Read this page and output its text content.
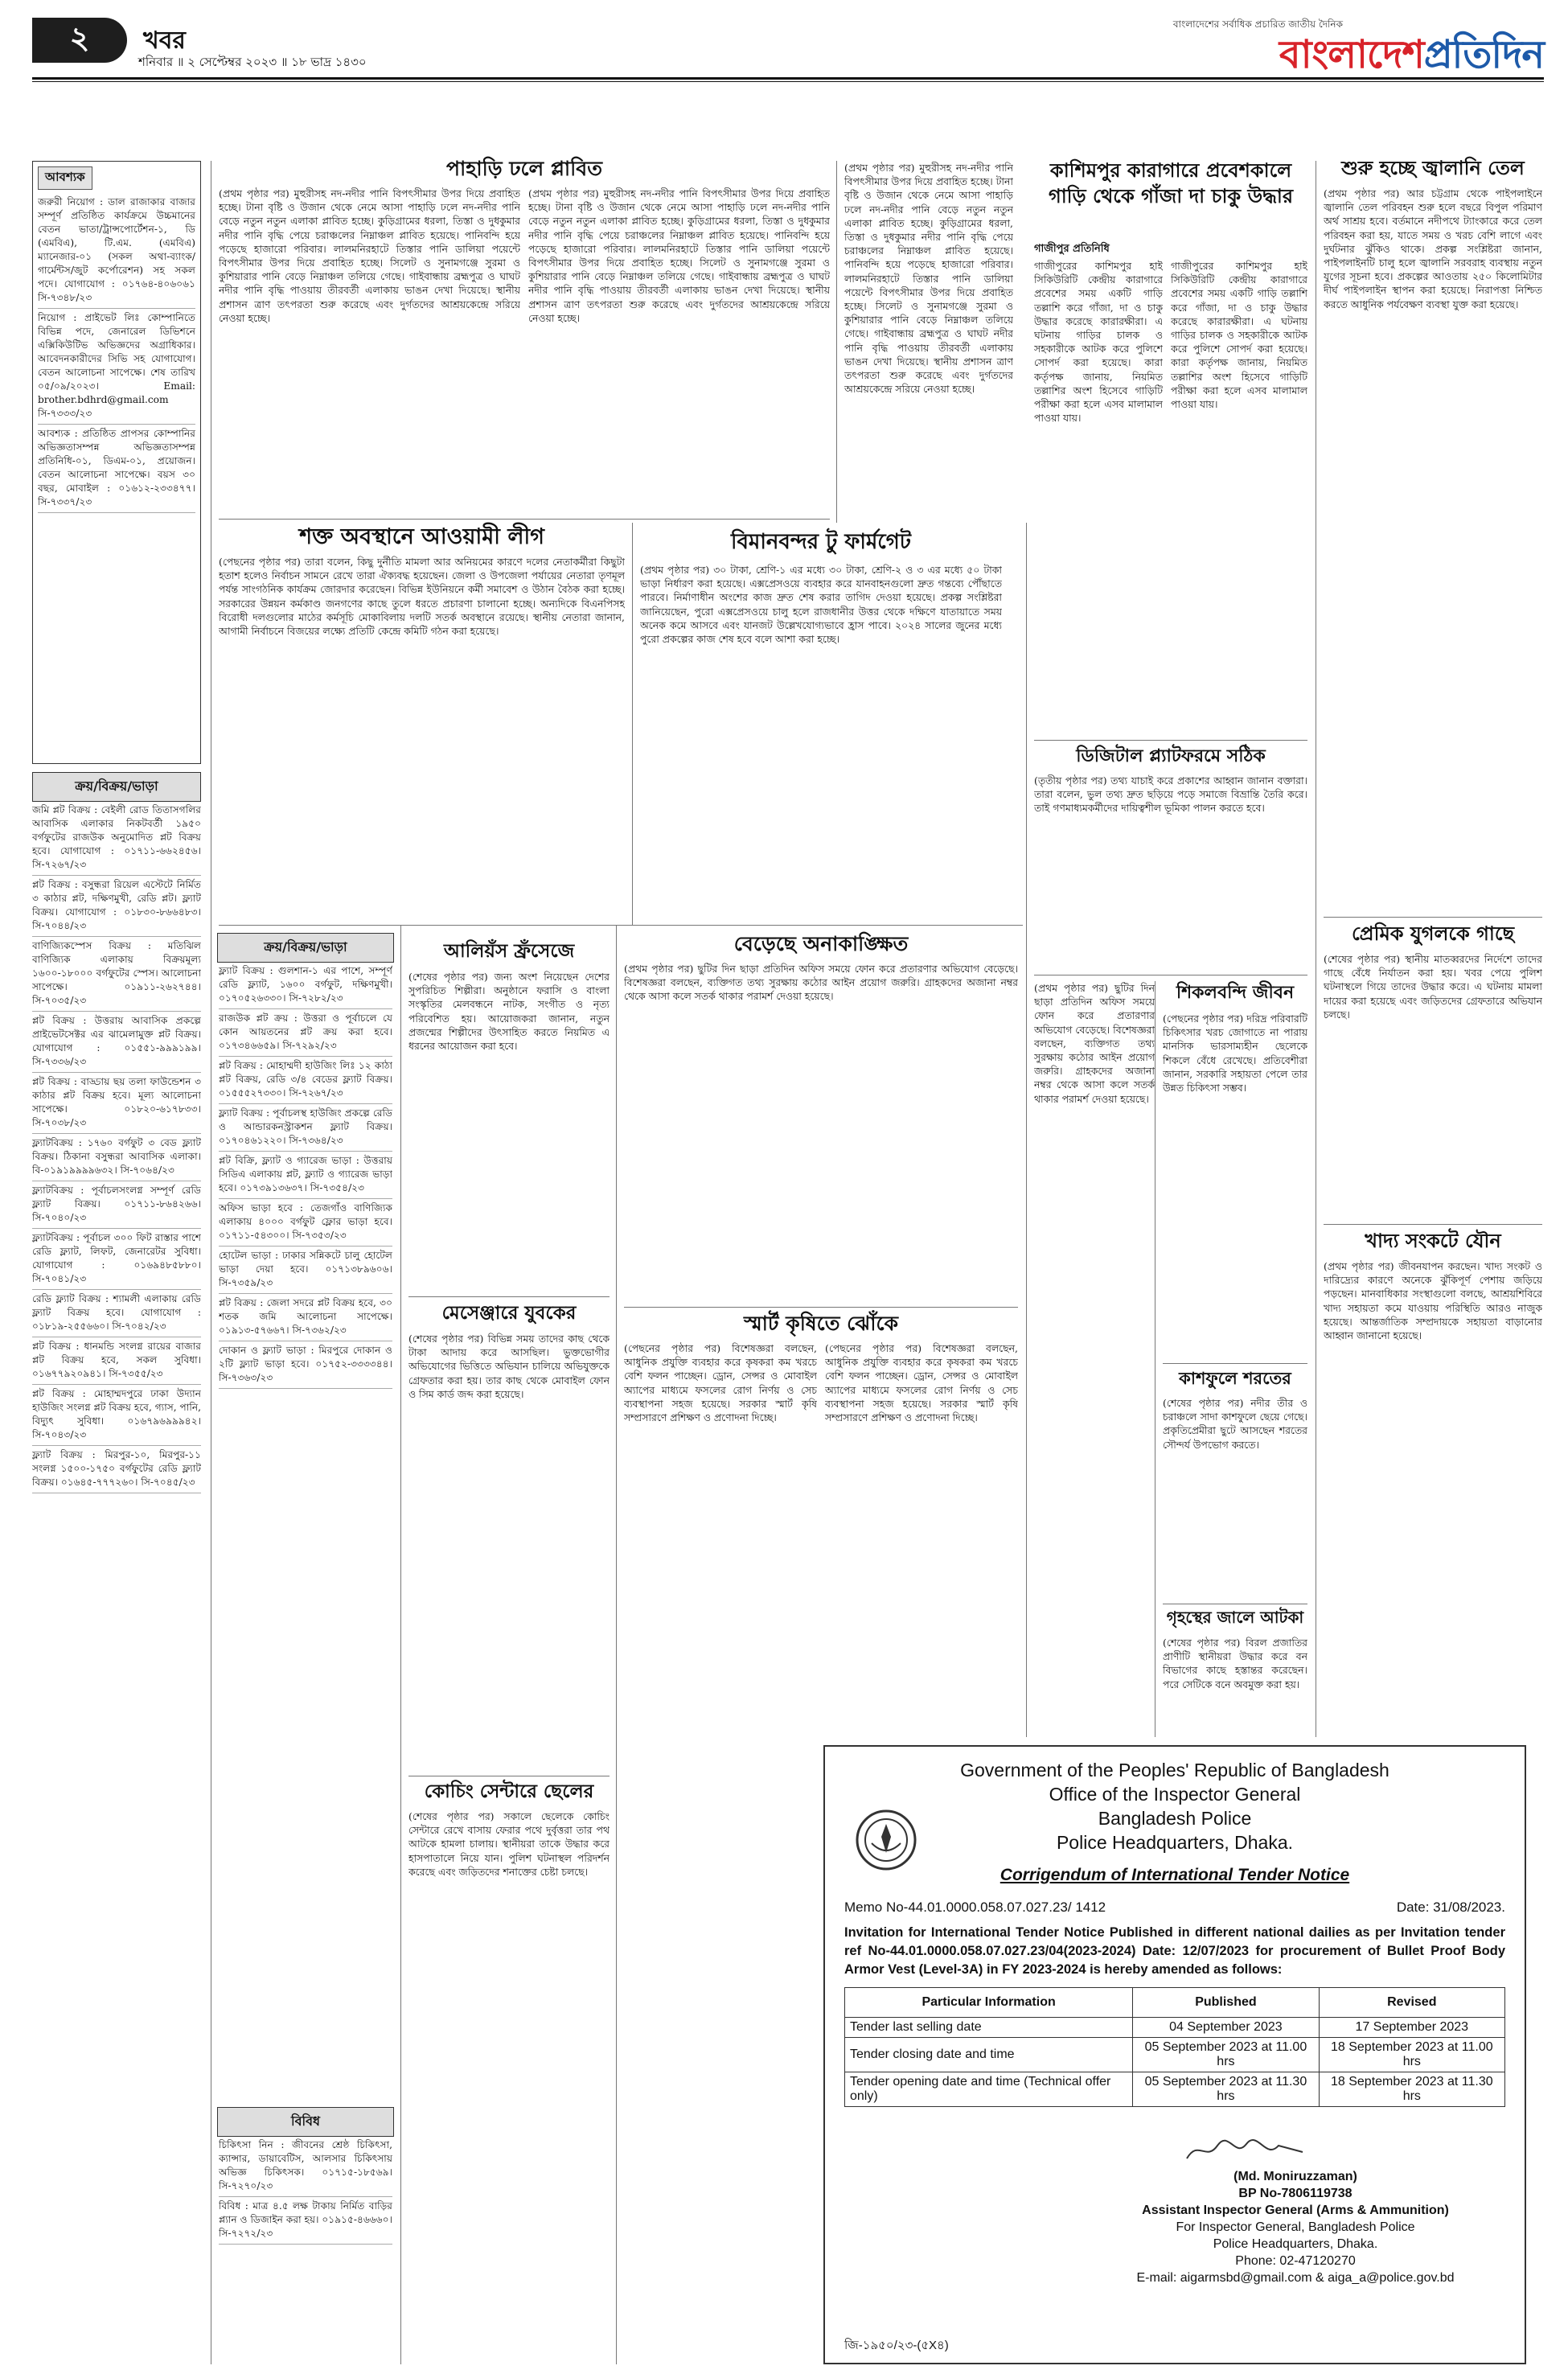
২	খবর
শনিবার ॥ ২ সেপ্টেম্বর ২০২৩ ॥ ১৮ ভাদ্র ১৪৩০
বাংলাদেশের সর্বাধিক প্রচারিত জাতীয় দৈনিক
বাংলাদেশপ্রতিদিন
আবশ্যক
জরুরী নিয়োগ : ডাল রাজাকার বাজার সম্পূর্ণ প্রতিষ্ঠিত কার্যক্রমে উচ্চমানের বেতন ভাতা/ট্রান্সপোর্টেশন-১, ডি (এমবিএ), টি.এম. (এমবিএ) ম্যানেজার-০১ (সকল অথা-ব্যাংক/গার্মেন্টস/জুট কর্পোরেশন) সহ সকল পদে। যোগাযোগ : ০১৭৬৪-৪০৬০৬১ সি-৭৩৪৮/২৩
নিয়োগ : প্রাইভেট লিঃ কোম্পানিতে বিভিন্ন পদে, জেনারেল ডিভিশনে এক্সিকিউটিভ অভিজ্ঞদের অগ্রাধিকার। আবেদনকারীদের সিভি সহ যোগাযোগ। বেতন আলোচনা সাপেক্ষে। শেষ তারিখ ০৫/০৯/২০২৩। Email: brother.bdhrd@gmail.com সি-৭৩৩৩/২৩
আবশ্যক : প্রতিষ্ঠিত প্রাপসর কোম্পানির অভিজ্ঞতাসম্পন্ন অভিজ্ঞতাসম্পন্ন প্রতিনিধি-০১, ডিএম-০১, প্রয়োজন। বেতন আলোচনা সাপেক্ষে। বয়স ৩০ বছর, মোবাইল : ০১৬১২-২৩৩৪৭৭। সি-৭৩৩৭/২৩
ক্রয়/বিক্রয়/ভাড়া
জমি প্লট বিক্রয় : বেইলী রোড তিতাসগলির আবাসিক এলাকার নিকটবর্তী ১৯৫০ বর্গফুটের রাজউক অনুমোদিত প্লট বিক্রয় হবে। যোগাযোগ : ০১৭১১-৬৬২৪৫৬। সি-৭২৬৭/২৩
প্লট বিক্রয় : বসুন্ধরা রিয়েল এস্টেটে নির্মিত ৩ কাঠার প্লট, দক্ষিণমুখী, রেডি প্লট। ফ্ল্যাট বিক্রয়। যোগাযোগ : ০১৮৩০-৮৬৬৪৮৩। সি-৭০৪৪/২৩
বাণিজ্যিকস্পেস বিক্রয় : মতিঝিল বাণিজ্যিক এলাকায় বিক্রয়মূল্য ১৬০০-১৮০০০ বর্গফুটের স্পেস। আলোচনা সাপেক্ষে। ০১৯১১-২৬২৭৪৪। সি-৭০৩৫/২৩
প্লট বিক্রয় : উত্তরায় আবাসিক প্রকল্পে প্রাইভেটসেক্টর এর ঝামেলামুক্ত প্লট বিক্রয়। যোগাযোগ : ০১৫৫১-৯৯৯১৯৯। সি-৭৩৩৬/২৩
প্লট বিক্রয় : বাড্ডায় ছয় তলা ফাউন্ডেশন ৩ কাঠার প্লট বিক্রয় হবে। মূল্য আলোচনা সাপেক্ষে। ০১৮২০-৬১৭৮৩৩। সি-৭০৩৮/২৩
ফ্ল্যাটবিক্রয় : ১৭৬০ বর্গফুট ৩ বেড ফ্ল্যাট বিক্রয়। ঠিকানা বসুন্ধরা আবাসিক এলাকা। বি-০১৯১৯৯৯৯৬৩২। সি-৭০৬৪/২৩
ফ্ল্যাটবিক্রয় : পূর্বাচলসংলগ্ন সম্পূর্ণ রেডি ফ্ল্যাট বিক্রয়। ০১৭১১-৮৬৪২৬৬। সি-৭০৪০/২৩
ফ্ল্যাটবিক্রয় : পূর্বাচল ৩০০ ফিট রাস্তার পাশে রেডি ফ্ল্যাট, লিফট, জেনারেটর সুবিধা। যোগাযোগ : ০১৬৯৪৮৫৮৮০। সি-৭০৪১/২৩
রেডি ফ্ল্যাট বিক্রয় : শ্যামলী এলাকায় রেডি ফ্ল্যাট বিক্রয় হবে। যোগাযোগ : ০১৮১৯-২৫৫৬৬০। সি-৭০৪২/২৩
প্লট বিক্রয় : ধানমন্ডি সংলগ্ন রায়ের বাজার প্লট বিক্রয় হবে, সকল সুবিধা। ০১৬৭৭৯২০৯৪১। সি-৭৩৫৫/২৩
প্লট বিক্রয় : মোহাম্মদপুরে ঢাকা উদ্যান হাউজিং সংলগ্ন প্লট বিক্রয় হবে, গ্যাস, পানি, বিদ্যুৎ সুবিধা। ০১৬৭৯৬৯৯৯৪২। সি-৭০৪৩/২৩
ফ্ল্যাট বিক্রয় : মিরপুর-১০, মিরপুর-১১ সংলগ্ন ১৫০০-১৭৫০ বর্গফুটের রেডি ফ্ল্যাট বিক্রয়। ০১৬৪৫-৭৭৭২৬০। সি-৭০৪৫/২৩
পাহাড়ি ঢলে প্লাবিত
(প্রথম পৃষ্ঠার পর) মুহুরীসহ নদ-নদীর পানি বিপৎসীমার উপর দিয়ে প্রবাহিত হচ্ছে। টানা বৃষ্টি ও উজান থেকে নেমে আসা পাহাড়ি ঢলে নদ-নদীর পানি বেড়ে নতুন নতুন এলাকা প্লাবিত হচ্ছে। কুড়িগ্রামের ধরলা, তিস্তা ও দুধকুমার নদীর পানি বৃদ্ধি পেয়ে চরাঞ্চলের নিম্নাঞ্চল প্লাবিত হয়েছে। পানিবন্দি হয়ে পড়েছে হাজারো পরিবার। লালমনিরহাটে তিস্তার পানি ডালিয়া পয়েন্টে বিপৎসীমার উপর দিয়ে প্রবাহিত হচ্ছে। সিলেট ও সুনামগঞ্জে সুরমা ও কুশিয়ারার পানি বেড়ে নিম্নাঞ্চল তলিয়ে গেছে। গাইবান্ধায় ব্রহ্মপুত্র ও ঘাঘট নদীর পানি বৃদ্ধি পাওয়ায় তীরবর্তী এলাকায় ভাঙন দেখা দিয়েছে। স্থানীয় প্রশাসন ত্রাণ তৎপরতা শুরু করেছে এবং দুর্গতদের আশ্রয়কেন্দ্রে সরিয়ে নেওয়া হচ্ছে।
(প্রথম পৃষ্ঠার পর) মুহুরীসহ নদ-নদীর পানি বিপৎসীমার উপর দিয়ে প্রবাহিত হচ্ছে। টানা বৃষ্টি ও উজান থেকে নেমে আসা পাহাড়ি ঢলে নদ-নদীর পানি বেড়ে নতুন নতুন এলাকা প্লাবিত হচ্ছে। কুড়িগ্রামের ধরলা, তিস্তা ও দুধকুমার নদীর পানি বৃদ্ধি পেয়ে চরাঞ্চলের নিম্নাঞ্চল প্লাবিত হয়েছে। পানিবন্দি হয়ে পড়েছে হাজারো পরিবার। লালমনিরহাটে তিস্তার পানি ডালিয়া পয়েন্টে বিপৎসীমার উপর দিয়ে প্রবাহিত হচ্ছে। সিলেট ও সুনামগঞ্জে সুরমা ও কুশিয়ারার পানি বেড়ে নিম্নাঞ্চল তলিয়ে গেছে। গাইবান্ধায় ব্রহ্মপুত্র ও ঘাঘট নদীর পানি বৃদ্ধি পাওয়ায় তীরবর্তী এলাকায় ভাঙন দেখা দিয়েছে। স্থানীয় প্রশাসন ত্রাণ তৎপরতা শুরু করেছে এবং দুর্গতদের আশ্রয়কেন্দ্রে সরিয়ে নেওয়া হচ্ছে।
শক্ত অবস্থানে আওয়ামী লীগ
(পেছনের পৃষ্ঠার পর) তারা বলেন, কিছু দুর্নীতি মামলা আর অনিয়মের কারণে দলের নেতাকর্মীরা কিছুটা হতাশ হলেও নির্বাচন সামনে রেখে তারা ঐক্যবদ্ধ হয়েছেন। জেলা ও উপজেলা পর্যায়ের নেতারা তৃণমূল পর্যন্ত সাংগঠনিক কার্যক্রম জোরদার করেছেন। বিভিন্ন ইউনিয়নে কর্মী সমাবেশ ও উঠান বৈঠক করা হচ্ছে। সরকারের উন্নয়ন কর্মকাণ্ড জনগণের কাছে তুলে ধরতে প্রচারণা চালানো হচ্ছে। অন্যদিকে বিএনপিসহ বিরোধী দলগুলোর মাঠের কর্মসূচি মোকাবিলায় দলটি সতর্ক অবস্থানে রয়েছে। স্থানীয় নেতারা জানান, আগামী নির্বাচনে বিজয়ের লক্ষ্যে প্রতিটি কেন্দ্রে কমিটি গঠন করা হয়েছে।
বিমানবন্দর টু ফার্মগেট
(প্রথম পৃষ্ঠার পর) ৩০ টাকা, শ্রেণি-১ এর মধ্যে ৩০ টাকা, শ্রেণি-২ ও ৩ এর মধ্যে ৫০ টাকা ভাড়া নির্ধারণ করা হয়েছে। এক্সপ্রেসওয়ে ব্যবহার করে যানবাহনগুলো দ্রুত গন্তব্যে পৌঁছাতে পারবে। নির্মাণাধীন অংশের কাজ দ্রুত শেষ করার তাগিদ দেওয়া হয়েছে। প্রকল্প সংশ্লিষ্টরা জানিয়েছেন, পুরো এক্সপ্রেসওয়ে চালু হলে রাজধানীর উত্তর থেকে দক্ষিণে যাতায়াতে সময় অনেক কমে আসবে এবং যানজট উল্লেখযোগ্যভাবে হ্রাস পাবে। ২০২৪ সালের জুনের মধ্যে পুরো প্রকল্পের কাজ শেষ হবে বলে আশা করা হচ্ছে।
ক্রয়/বিক্রয়/ভাড়া
ফ্ল্যাট বিক্রয় : গুলশান-১ এর পাশে, সম্পূর্ণ রেডি ফ্ল্যাট, ১৬০০ বর্গফুট, দক্ষিণমুখী। ০১৭০৫২৬৩৩০। সি-৭২৮২/২৩
রাজউক প্লট ক্রয় : উত্তরা ও পূর্বাচলে যে কোন আয়তনের প্লট ক্রয় করা হবে। ০১৭৩৪৬৬৫৯। সি-৭২৯২/২৩
প্লট বিক্রয় : মোহাম্মদী হাউজিং লিঃ ১২ কাঠা প্লট বিক্রয়, রেডি ৩/৪ বেডের ফ্ল্যাট বিক্রয়। ০১৫৫৫২৭৩৩০। সি-৭২৬৭/২৩
ফ্ল্যাট বিক্রয় : পূর্বাচলস্থ হাউজিং প্রকল্পে রেডি ও আন্ডারকনস্ট্রাকশন ফ্ল্যাট বিক্রয়। ০১৭০৪৬১২২০। সি-৭৩৬৪/২৩
প্লট বিক্রি, ফ্ল্যাট ও গ্যারেজ ভাড়া : উত্তরায় সিডিএ এলাকায় প্লট, ফ্ল্যাট ও গ্যারেজ ভাড়া হবে। ০১৭৩৯১৩৬৩৭। সি-৭৩৫৪/২৩
অফিস ভাড়া হবে : তেজগাঁও বাণিজ্যিক এলাকায় ৪০০০ বর্গফুট ফ্লোর ভাড়া হবে। ০১৭১১-৫৪৩০০। সি-৭৩৫৩/২৩
হোটেল ভাড়া : ঢাকার সন্নিকটে চালু হোটেল ভাড়া দেয়া হবে। ০১৭১৩৮৯৬০৬। সি-৭৩৫৯/২৩
প্লট বিক্রয় : জেলা সদরে প্লট বিক্রয় হবে, ৩০ শতক জমি আলোচনা সাপেক্ষে। ০১৯১৩-৫৭৬৬৭। সি-৭৩৬২/২৩
দোকান ও ফ্ল্যাট ভাড়া : মিরপুরে দোকান ও ২টি ফ্ল্যাট ভাড়া হবে। ০১৭৫২-৩৩৩৩৪৪। সি-৭৩৬৩/২৩
বিবিধ
চিকিৎসা নিন : জীবনের শ্রেষ্ঠ চিকিৎসা, ক্যান্সার, ডায়াবেটিস, আলসার চিকিৎসায় অভিজ্ঞ চিকিৎসক। ০১৭১৫-১৮৫৬৯। সি-৭২৭০/২৩
বিবিধ : মাত্র ৪.৫ লক্ষ টাকায় নির্মিত বাড়ির প্ল্যান ও ডিজাইন করা হয়। ০১৯১৫-৪৬৬৬০। সি-৭২৭২/২৩
আলিয়ঁস ফ্রঁসেজে
(শেষের পৃষ্ঠার পর) জন্য অংশ নিয়েছেন দেশের সুপরিচিত শিল্পীরা। অনুষ্ঠানে ফরাসি ও বাংলা সংস্কৃতির মেলবন্ধনে নাটক, সংগীত ও নৃত্য পরিবেশিত হয়। আয়োজকরা জানান, নতুন প্রজন্মের শিল্পীদের উৎসাহিত করতে নিয়মিত এ ধরনের আয়োজন করা হবে।
মেসেঞ্জারে যুবকের
(শেষের পৃষ্ঠার পর) বিভিন্ন সময় তাদের কাছ থেকে টাকা আদায় করে আসছিল। ভুক্তভোগীর অভিযোগের ভিত্তিতে অভিযান চালিয়ে অভিযুক্তকে গ্রেফতার করা হয়। তার কাছ থেকে মোবাইল ফোন ও সিম কার্ড জব্দ করা হয়েছে।
কোচিং সেন্টারে ছেলের
(শেষের পৃষ্ঠার পর) সকালে ছেলেকে কোচিং সেন্টারে রেখে বাসায় ফেরার পথে দুর্বৃত্তরা তার পথ আটকে হামলা চালায়। স্থানীয়রা তাকে উদ্ধার করে হাসপাতালে নিয়ে যান। পুলিশ ঘটনাস্থল পরিদর্শন করেছে এবং জড়িতদের শনাক্তের চেষ্টা চলছে।
বেড়েছে অনাকাঙ্ক্ষিত
(প্রথম পৃষ্ঠার পর) ছুটির দিন ছাড়া প্রতিদিন অফিস সময়ে ফোন করে প্রতারণার অভিযোগ বেড়েছে। বিশেষজ্ঞরা বলছেন, ব্যক্তিগত তথ্য সুরক্ষায় কঠোর আইন প্রয়োগ জরুরি। গ্রাহকদের অজানা নম্বর থেকে আসা কলে সতর্ক থাকার পরামর্শ দেওয়া হয়েছে।
স্মার্ট কৃষিতে ঝোঁকে
(পেছনের পৃষ্ঠার পর) বিশেষজ্ঞরা বলছেন, আধুনিক প্রযুক্তি ব্যবহার করে কৃষকরা কম খরচে বেশি ফলন পাচ্ছেন। ড্রোন, সেন্সর ও মোবাইল অ্যাপের মাধ্যমে ফসলের রোগ নির্ণয় ও সেচ ব্যবস্থাপনা সহজ হয়েছে। সরকার স্মার্ট কৃষি সম্প্রসারণে প্রশিক্ষণ ও প্রণোদনা দিচ্ছে।
(পেছনের পৃষ্ঠার পর) বিশেষজ্ঞরা বলছেন, আধুনিক প্রযুক্তি ব্যবহার করে কৃষকরা কম খরচে বেশি ফলন পাচ্ছেন। ড্রোন, সেন্সর ও মোবাইল অ্যাপের মাধ্যমে ফসলের রোগ নির্ণয় ও সেচ ব্যবস্থাপনা সহজ হয়েছে। সরকার স্মার্ট কৃষি সম্প্রসারণে প্রশিক্ষণ ও প্রণোদনা দিচ্ছে।
(প্রথম পৃষ্ঠার পর) মুহুরীসহ নদ-নদীর পানি বিপৎসীমার উপর দিয়ে প্রবাহিত হচ্ছে। টানা বৃষ্টি ও উজান থেকে নেমে আসা পাহাড়ি ঢলে নদ-নদীর পানি বেড়ে নতুন নতুন এলাকা প্লাবিত হচ্ছে। কুড়িগ্রামের ধরলা, তিস্তা ও দুধকুমার নদীর পানি বৃদ্ধি পেয়ে চরাঞ্চলের নিম্নাঞ্চল প্লাবিত হয়েছে। পানিবন্দি হয়ে পড়েছে হাজারো পরিবার। লালমনিরহাটে তিস্তার পানি ডালিয়া পয়েন্টে বিপৎসীমার উপর দিয়ে প্রবাহিত হচ্ছে। সিলেট ও সুনামগঞ্জে সুরমা ও কুশিয়ারার পানি বেড়ে নিম্নাঞ্চল তলিয়ে গেছে। গাইবান্ধায় ব্রহ্মপুত্র ও ঘাঘট নদীর পানি বৃদ্ধি পাওয়ায় তীরবর্তী এলাকায় ভাঙন দেখা দিয়েছে। স্থানীয় প্রশাসন ত্রাণ তৎপরতা শুরু করেছে এবং দুর্গতদের আশ্রয়কেন্দ্রে সরিয়ে নেওয়া হচ্ছে।
কাশিমপুর কারাগারে প্রবেশকালে গাড়ি থেকে গাঁজা দা চাকু উদ্ধার
গাজীপুর প্রতিনিধি
গাজীপুরের কাশিমপুর হাই সিকিউরিটি কেন্দ্রীয় কারাগারে প্রবেশের সময় একটি গাড়ি তল্লাশি করে গাঁজা, দা ও চাকু উদ্ধার করেছে কারারক্ষীরা। এ ঘটনায় গাড়ির চালক ও সহকারীকে আটক করে পুলিশে সোপর্দ করা হয়েছে। কারা কর্তৃপক্ষ জানায়, নিয়মিত তল্লাশির অংশ হিসেবে গাড়িটি পরীক্ষা করা হলে এসব মালামাল পাওয়া যায়।
গাজীপুরের কাশিমপুর হাই সিকিউরিটি কেন্দ্রীয় কারাগারে প্রবেশের সময় একটি গাড়ি তল্লাশি করে গাঁজা, দা ও চাকু উদ্ধার করেছে কারারক্ষীরা। এ ঘটনায় গাড়ির চালক ও সহকারীকে আটক করে পুলিশে সোপর্দ করা হয়েছে। কারা কর্তৃপক্ষ জানায়, নিয়মিত তল্লাশির অংশ হিসেবে গাড়িটি পরীক্ষা করা হলে এসব মালামাল পাওয়া যায়।
ডিজিটাল প্ল্যাটফরমে সঠিক
(তৃতীয় পৃষ্ঠার পর) তথ্য যাচাই করে প্রকাশের আহ্বান জানান বক্তারা। তারা বলেন, ভুল তথ্য দ্রুত ছড়িয়ে পড়ে সমাজে বিভ্রান্তি তৈরি করে। তাই গণমাধ্যমকর্মীদের দায়িত্বশীল ভূমিকা পালন করতে হবে।
(প্রথম পৃষ্ঠার পর) ছুটির দিন ছাড়া প্রতিদিন অফিস সময়ে ফোন করে প্রতারণার অভিযোগ বেড়েছে। বিশেষজ্ঞরা বলছেন, ব্যক্তিগত তথ্য সুরক্ষায় কঠোর আইন প্রয়োগ জরুরি। গ্রাহকদের অজানা নম্বর থেকে আসা কলে সতর্ক থাকার পরামর্শ দেওয়া হয়েছে।
শিকলবন্দি জীবন
(পেছনের পৃষ্ঠার পর) দরিদ্র পরিবারটি চিকিৎসার খরচ জোগাতে না পারায় মানসিক ভারসাম্যহীন ছেলেকে শিকলে বেঁধে রেখেছে। প্রতিবেশীরা জানান, সরকারি সহায়তা পেলে তার উন্নত চিকিৎসা সম্ভব।
কাশফুলে শরতের
(শেষের পৃষ্ঠার পর) নদীর তীর ও চরাঞ্চলে সাদা কাশফুলে ছেয়ে গেছে। প্রকৃতিপ্রেমীরা ছুটে আসছেন শরতের সৌন্দর্য উপভোগ করতে।
গৃহস্থের জালে আটকা
(শেষের পৃষ্ঠার পর) বিরল প্রজাতির প্রাণীটি স্থানীয়রা উদ্ধার করে বন বিভাগের কাছে হস্তান্তর করেছেন। পরে সেটিকে বনে অবমুক্ত করা হয়।
শুরু হচ্ছে জ্বালানি তেল
(প্রথম পৃষ্ঠার পর) আর চট্টগ্রাম থেকে পাইপলাইনে জ্বালানি তেল পরিবহন শুরু হলে বছরে বিপুল পরিমাণ অর্থ সাশ্রয় হবে। বর্তমানে নদীপথে ট্যাংকারে করে তেল পরিবহন করা হয়, যাতে সময় ও খরচ বেশি লাগে এবং দুর্ঘটনার ঝুঁকিও থাকে। প্রকল্প সংশ্লিষ্টরা জানান, পাইপলাইনটি চালু হলে জ্বালানি সরবরাহ ব্যবস্থায় নতুন যুগের সূচনা হবে। প্রকল্পের আওতায় ২৫০ কিলোমিটার দীর্ঘ পাইপলাইন স্থাপন করা হয়েছে। নিরাপত্তা নিশ্চিত করতে আধুনিক পর্যবেক্ষণ ব্যবস্থা যুক্ত করা হয়েছে।
প্রেমিক যুগলকে গাছে
(শেষের পৃষ্ঠার পর) স্থানীয় মাতব্বরদের নির্দেশে তাদের গাছে বেঁধে নির্যাতন করা হয়। খবর পেয়ে পুলিশ ঘটনাস্থলে গিয়ে তাদের উদ্ধার করে। এ ঘটনায় মামলা দায়ের করা হয়েছে এবং জড়িতদের গ্রেফতারে অভিযান চলছে।
খাদ্য সংকটে যৌন
(প্রথম পৃষ্ঠার পর) জীবনযাপন করছেন। খাদ্য সংকট ও দারিদ্র্যের কারণে অনেকে ঝুঁকিপূর্ণ পেশায় জড়িয়ে পড়ছেন। মানবাধিকার সংস্থাগুলো বলছে, আশ্রয়শিবিরে খাদ্য সহায়তা কমে যাওয়ায় পরিস্থিতি আরও নাজুক হয়েছে। আন্তর্জাতিক সম্প্রদায়কে সহায়তা বাড়ানোর আহ্বান জানানো হয়েছে।
Government of the Peoples' Republic of Bangladesh
Office of the Inspector General
Bangladesh Police
Police Headquarters, Dhaka.
Corrigendum of International Tender Notice
Memo No-44.01.0000.058.07.027.23/ 1412	Date: 31/08/2023.
Invitation for International Tender Notice Published in different national dailies as per Invitation tender ref No-44.01.0000.058.07.027.23/04(2023-2024) Date: 12/07/2023 for procurement of Bullet Proof Body Armor Vest (Level-3A) in FY 2023-2024 is hereby amended as follows:
Particular Information	Published	Revised
Tender last selling date	04 September 2023	17 September 2023
Tender closing date and time	05 September 2023 at 11.00 hrs	18 September 2023 at 11.00 hrs
Tender opening date and time (Technical offer only)	05 September 2023 at 11.30 hrs	18 September 2023 at 11.30 hrs
(Md. Moniruzzaman)
BP No-7806119738
Assistant Inspector General (Arms & Ammunition)
For Inspector General, Bangladesh Police
Police Headquarters, Dhaka.
Phone: 02-47120270
E-mail: aigarmsbd@gmail.com & aiga_a@police.gov.bd
জি-১৯৫০/২৩-(৫X৪)
